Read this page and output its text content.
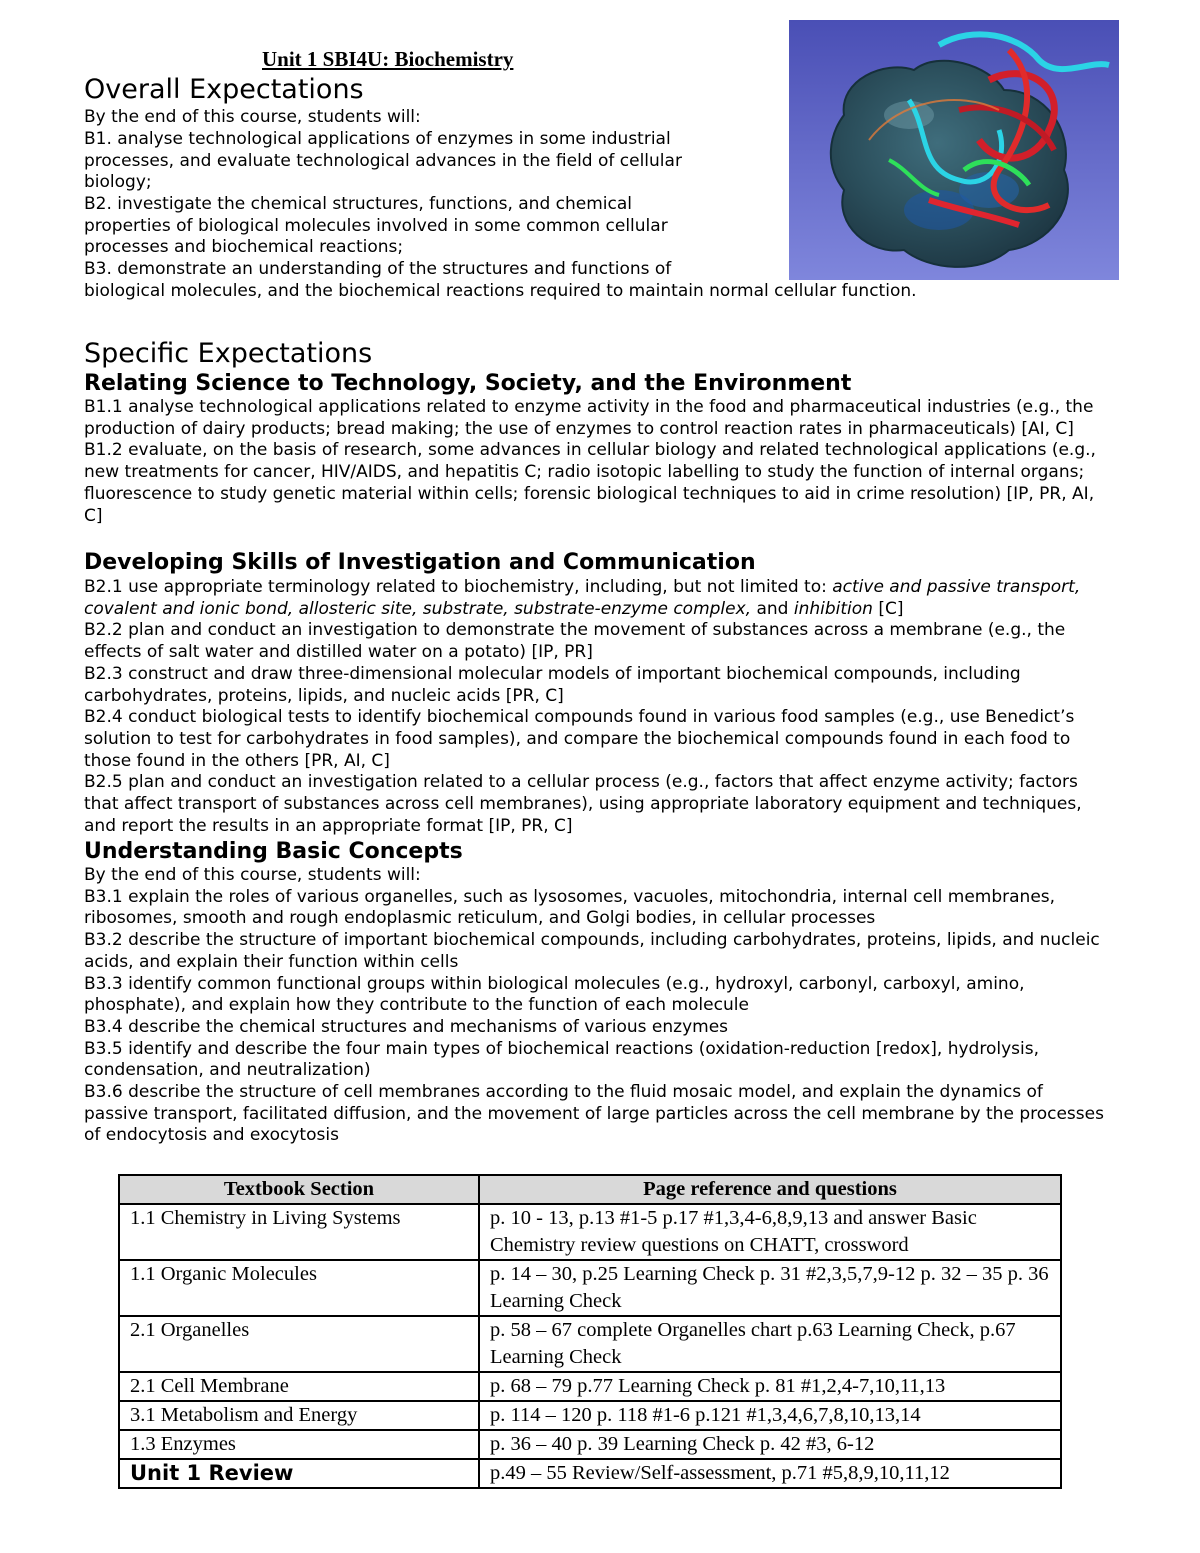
Unit 1 SBI4U: Biochemistry
Overall Expectations

By the end of this course, students will:

B1. analyse technological applications of enzymes in some industrial

processes, and evaluate technological advances in the field of cellular

biology;

B2. investigate the chemical structures, functions, and chemical

properties of biological molecules involved in some common cellular

processes and biochemical reactions;

B3. demonstrate an understanding of the structures and functions of

biological molecules, and the biochemical reactions required to maintain normal cellular function.

Specific Expectations
Relating Science to Technology, Society, and the Environment

B1.1 analyse technological applications related to enzyme activity in the food and pharmaceutical industries (e.g., the production of dairy products; bread making; the use of enzymes to control reaction rates in pharmaceuticals) [AI, C]

B1.2 evaluate, on the basis of research, some advances in cellular biology and related technological applications (e.g., new treatments for cancer, HIV/AIDS, and hepatitis C; radio isotopic labelling to study the function of internal organs; fluorescence to study genetic material within cells; forensic biological techniques to aid in crime resolution) [IP, PR, AI, C]

Developing Skills of Investigation and Communication

B2.1 use appropriate terminology related to biochemistry, including, but not limited to: active and passive transport, covalent and ionic bond, allosteric site, substrate, substrate-enzyme complex, and inhibition [C]

B2.2 plan and conduct an investigation to demonstrate the movement of substances across a membrane (e.g., the effects of salt water and distilled water on a potato) [IP, PR]

B2.3 construct and draw three-dimensional molecular models of important biochemical compounds, including carbohydrates, proteins, lipids, and nucleic acids [PR, C]

B2.4 conduct biological tests to identify biochemical compounds found in various food samples (e.g., use Benedict’s solution to test for carbohydrates in food samples), and compare the biochemical compounds found in each food to those found in the others [PR, AI, C]

B2.5 plan and conduct an investigation related to a cellular process (e.g., factors that affect enzyme activity; factors that affect transport of substances across cell membranes), using appropriate laboratory equipment and techniques, and report the results in an appropriate format [IP, PR, C]

Understanding Basic Concepts

By the end of this course, students will:

B3.1 explain the roles of various organelles, such as lysosomes, vacuoles, mitochondria, internal cell membranes, ribosomes, smooth and rough endoplasmic reticulum, and Golgi bodies, in cellular processes

B3.2 describe the structure of important biochemical compounds, including carbohydrates, proteins, lipids, and nucleic acids, and explain their function within cells

B3.3 identify common functional groups within biological molecules (e.g., hydroxyl, carbonyl, carboxyl, amino, phosphate), and explain how they contribute to the function of each molecule

B3.4 describe the chemical structures and mechanisms of various enzymes

B3.5 identify and describe the four main types of biochemical reactions (oxidation-reduction [redox], hydrolysis, condensation, and neutralization)

B3.6 describe the structure of cell membranes according to the fluid mosaic model, and explain the dynamics of passive transport, facilitated diffusion, and the movement of large particles across the cell membrane by the processes of endocytosis and exocytosis

Textbook Section	Page reference and questions
1.1 Chemistry in Living Systems	p. 10 - 13, p.13 #1-5 p.17 #1,3,4-6,8,9,13 and answer Basic Chemistry review questions on CHATT, crossword
1.1 Organic Molecules	p. 14 – 30, p.25 Learning Check p. 31 #2,3,5,7,9-12 p. 32 – 35 p. 36 Learning Check
2.1 Organelles	p. 58 – 67 complete Organelles chart p.63 Learning Check, p.67 Learning Check
2.1 Cell Membrane	p. 68 – 79 p.77 Learning Check p. 81 #1,2,4-7,10,11,13
3.1 Metabolism and Energy	p. 114 – 120 p. 118 #1-6 p.121 #1,3,4,6,7,8,10,13,14
1.3 Enzymes	p. 36 – 40 p. 39 Learning Check p. 42 #3, 6-12
Unit 1 Review	p.49 – 55 Review/Self-assessment, p.71 #5,8,9,10,11,12
